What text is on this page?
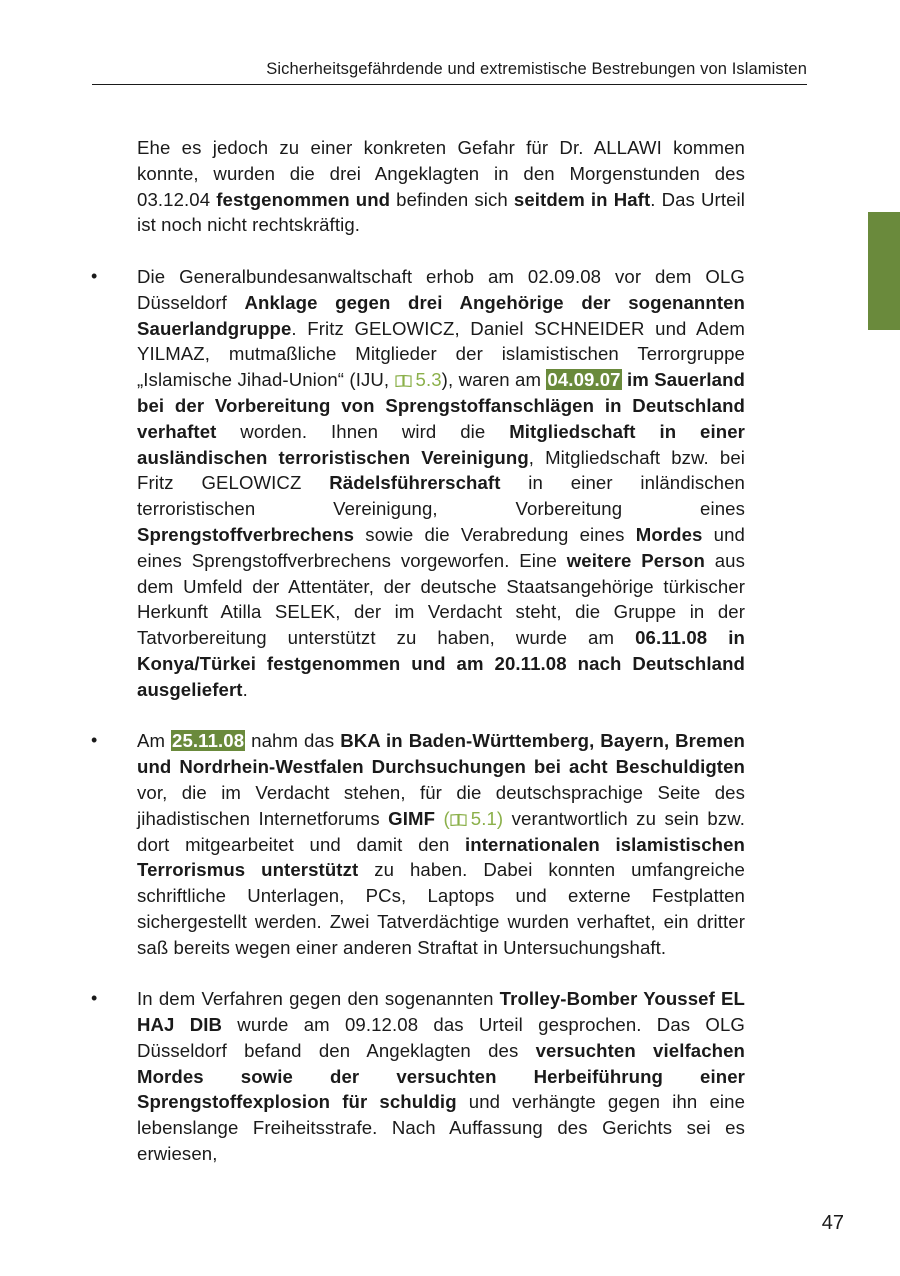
Sicherheitsgefährdende und extremistische Bestrebungen von Islamisten

Ehe es jedoch zu einer konkreten Gefahr für Dr. ALLAWI kommen konnte, wurden die drei Angeklagten in den Morgenstunden des 03.12.04 festgenommen und befinden sich seitdem in Haft. Das Urteil ist noch nicht rechtskräftig.

• Die Generalbundesanwaltschaft erhob am 02.09.08 vor dem OLG Düsseldorf Anklage gegen drei Angehörige der sogenannten Sauerlandgruppe. Fritz GELOWICZ, Daniel SCHNEIDER und Adem YILMAZ, mutmaßliche Mitglieder der islamistischen Terrorgruppe „Islamische Jihad-Union“ (IJU, 5.3), waren am 04.09.07 im Sauerland bei der Vorbereitung von Sprengstoffanschlägen in Deutschland verhaftet worden. Ihnen wird die Mitgliedschaft in einer ausländischen terroristischen Vereinigung, Mitgliedschaft bzw. bei Fritz GELOWICZ Rädelsführerschaft in einer inländischen terroristischen Vereinigung, Vorbereitung eines Sprengstoffverbrechens sowie die Verabredung eines Mordes und eines Sprengstoffverbrechens vorgeworfen. Eine weitere Person aus dem Umfeld der Attentäter, der deutsche Staatsangehörige türkischer Herkunft Atilla SELEK, der im Verdacht steht, die Gruppe in der Tatvorbereitung unterstützt zu haben, wurde am 06.11.08 in Konya/Türkei festgenommen und am 20.11.08 nach Deutschland ausgeliefert.

• Am 25.11.08 nahm das BKA in Baden-Württemberg, Bayern, Bremen und Nordrhein-Westfalen Durchsuchungen bei acht Beschuldigten vor, die im Verdacht stehen, für die deutschsprachige Seite des jihadistischen Internetforums GIMF ( 5.1) verantwortlich zu sein bzw. dort mitgearbeitet und damit den internationalen islamistischen Terrorismus unterstützt zu haben. Dabei konnten umfangreiche schriftliche Unterlagen, PCs, Laptops und externe Festplatten sichergestellt werden. Zwei Tatverdächtige wurden verhaftet, ein dritter saß bereits wegen einer anderen Straftat in Untersuchungshaft.

• In dem Verfahren gegen den sogenannten Trolley-Bomber Youssef EL HAJ DIB wurde am 09.12.08 das Urteil gesprochen. Das OLG Düsseldorf befand den Angeklagten des versuchten vielfachen Mordes sowie der versuchten Herbeiführung einer Sprengstoffexplosion für schuldig und verhängte gegen ihn eine lebenslange Freiheitsstrafe. Nach Auffassung des Gerichts sei es erwiesen,

47
